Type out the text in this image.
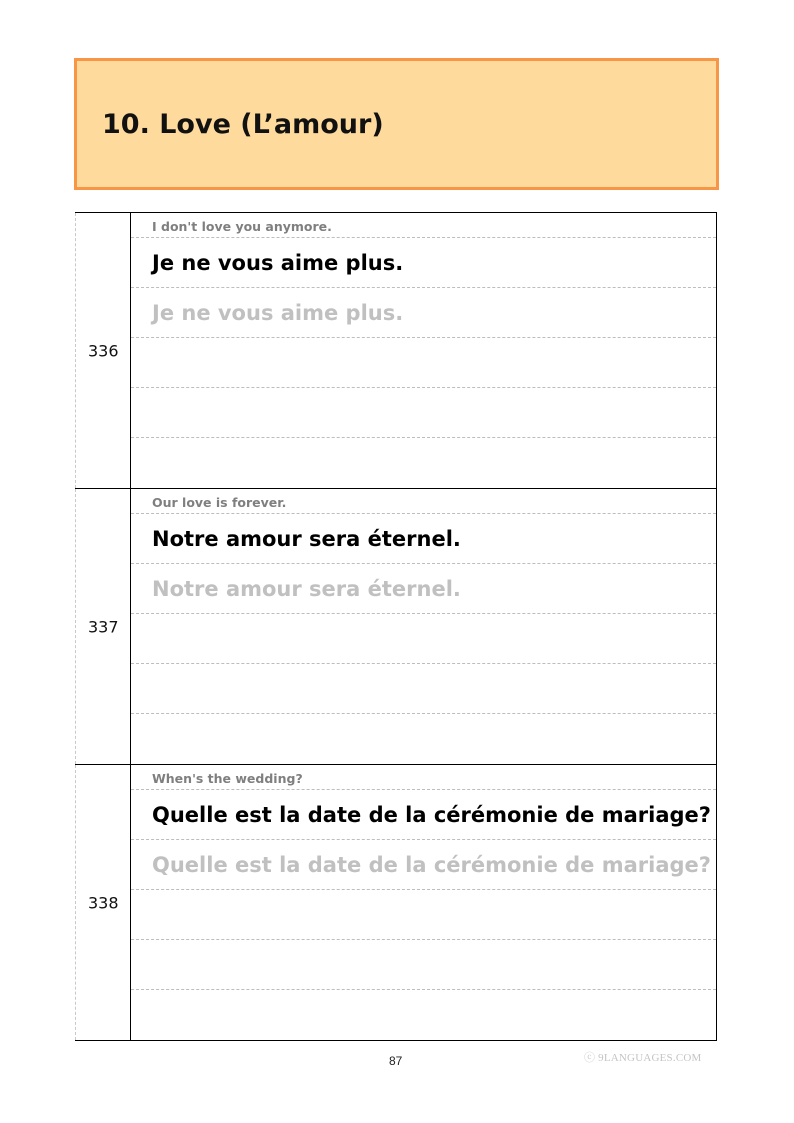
10. Love (L’amour)
336
I don't love you anymore.
Je ne vous aime plus.
Je ne vous aime plus.
337
Our love is forever.
Notre amour sera éternel.
Notre amour sera éternel.
338
When's the wedding?
Quelle est la date de la cérémonie de mariage?
Quelle est la date de la cérémonie de mariage?
87	ⓒ 9LANGUAGES.COM
